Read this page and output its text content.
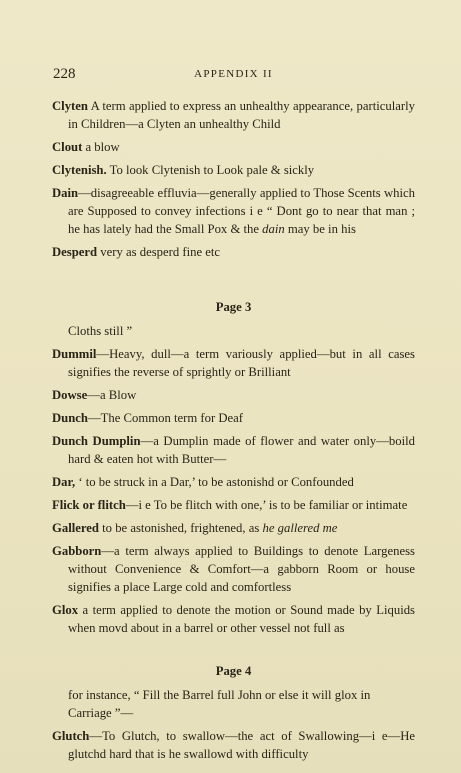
228	APPENDIX II

Clyten A term applied to express an unhealthy appearance, particularly in Children—a Clyten an unhealthy Child

Clout a blow

Clytenish. To look Clytenish to Look pale & sickly

Dain—disagreeable effluvia—generally applied to Those Scents which are Supposed to convey infections i e “ Dont go to near that man ; he has lately had the Small Pox & the dain may be in his

Desperd very as desperd fine etc

Page 3

Cloths still ”

Dummil—Heavy, dull—a term variously applied—but in all cases signifies the reverse of sprightly or Brilliant

Dowse—a Blow

Dunch—The Common term for Deaf

Dunch Dumplin—a Dumplin made of flower and water only—boild hard & eaten hot with Butter—

Dar, ‘ to be struck in a Dar,’ to be astonishd or Confounded

Flick or flitch—i e To be flitch with one,’ is to be familiar or intimate

Gallered to be astonished, frightened, as he gallered me

Gabborn—a term always applied to Buildings to denote Largeness without Convenience & Comfort—a gabborn Room or house signifies a place Large cold and comfortless

Glox a term applied to denote the motion or Sound made by Liquids when movd about in a barrel or other vessel not full as

Page 4

for instance, “ Fill the Barrel full John or else it will glox in Carriage ”—

Glutch—To Glutch, to swallow—the act of Swallowing—i e—He glutchd hard that is he swallowd with difficulty
